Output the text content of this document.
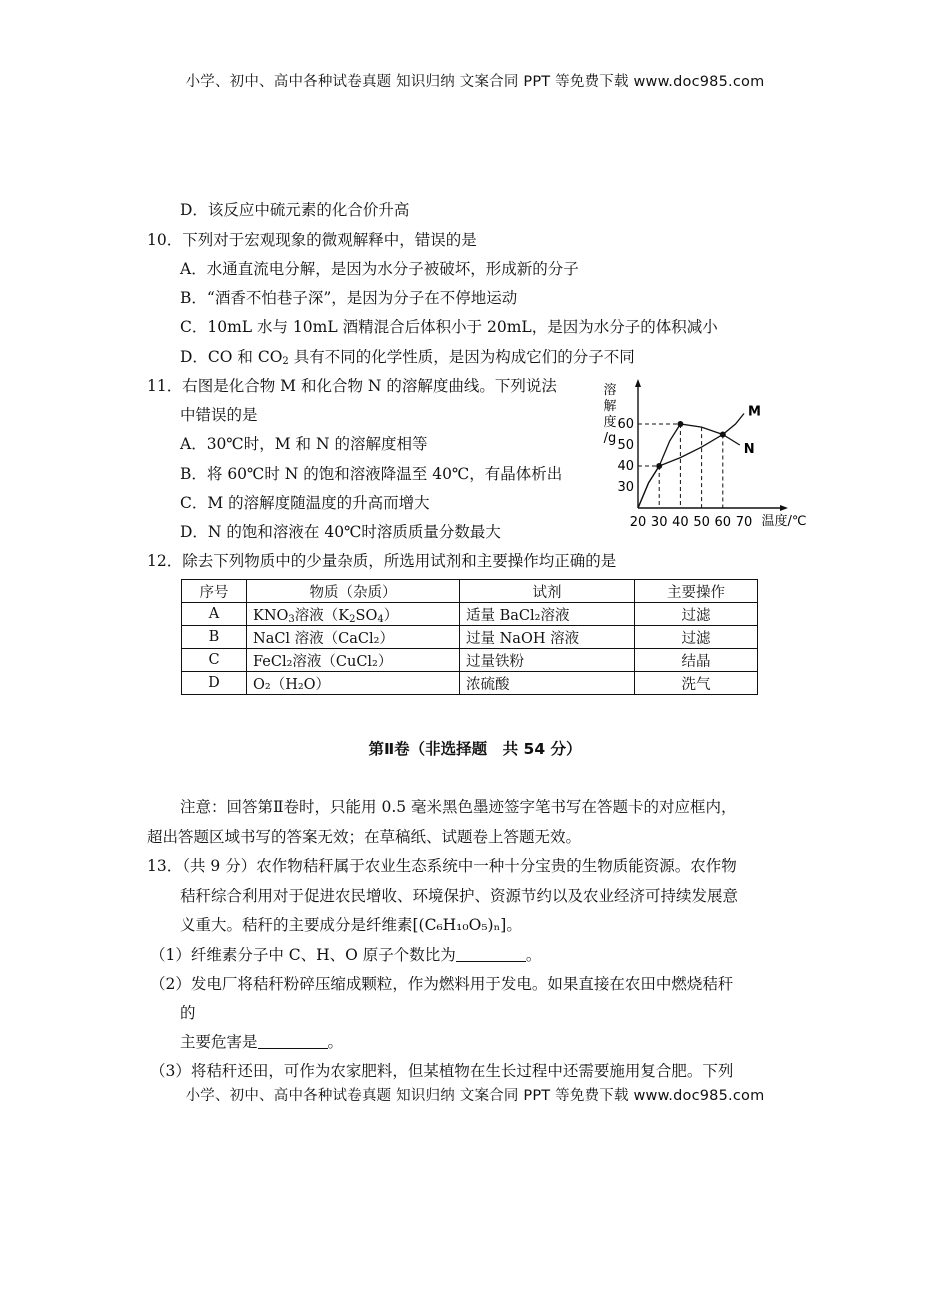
小学、初中、高中各种试卷真题 知识归纳 文案合同 PPT 等免费下载 www.doc985.com
D．该反应中硫元素的化合价升高
10．下列对于宏观现象的微观解释中，错误的是
A．水通直流电分解，是因为水分子被破坏，形成新的分子
B．“酒香不怕巷子深”，是因为分子在不停地运动
C．10mL 水与 10mL 酒精混合后体积小于 20mL，是因为水分子的体积减小
D．CO 和 $CO_2$ 具有不同的化学性质，是因为构成它们的分子不同
11．右图是化合物 M 和化合物 N 的溶解度曲线。下列说法
中错误的是
A．30℃时，M 和 N 的溶解度相等
B．将 60℃时 N 的饱和溶液降温至 40℃，有晶体析出
C．M 的溶解度随温度的升高而增大
D．N 的饱和溶液在 40℃时溶质质量分数最大
溶
解
度
/g
30
40
50
60
20 30 40 50 60 70 温度/℃
M
N
12．除去下列物质中的少量杂质，所选用试剂和主要操作均正确的是
序号	物质（杂质）	试剂	主要操作
A	$KNO_3$溶液$(K_2SO_4)$	适量 BaCl₂溶液	过滤
B	NaCl 溶液（CaCl₂）	过量 NaOH 溶液	过滤
C	FeCl₂溶液（CuCl₂）	过量铁粉	结晶
D	O₂（H₂O）	浓硫酸	洗气
第Ⅱ卷（非选择题　共 54 分）
注意：回答第Ⅱ卷时，只能用 0.5 毫米黑色墨迹签字笔书写在答题卡的对应框内，
超出答题区域书写的答案无效；在草稿纸、试题卷上答题无效。
13．（共 9 分）农作物秸秆属于农业生态系统中一种十分宝贵的生物质能资源。农作物
秸秆综合利用对于促进农民增收、环境保护、资源节约以及农业经济可持续发展意
义重大。秸秆的主要成分是纤维素[(C₆H₁₀O₅)ₙ]。
（1）纤维素分子中 C、H、O 原子个数比为	。
（2）发电厂将秸秆粉碎压缩成颗粒，作为燃料用于发电。如果直接在农田中燃烧秸秆
的
主要危害是	。
（3）将秸秆还田，可作为农家肥料，但某植物在生长过程中还需要施用复合肥。下列
小学、初中、高中各种试卷真题 知识归纳 文案合同 PPT 等免费下载 www.doc985.com
